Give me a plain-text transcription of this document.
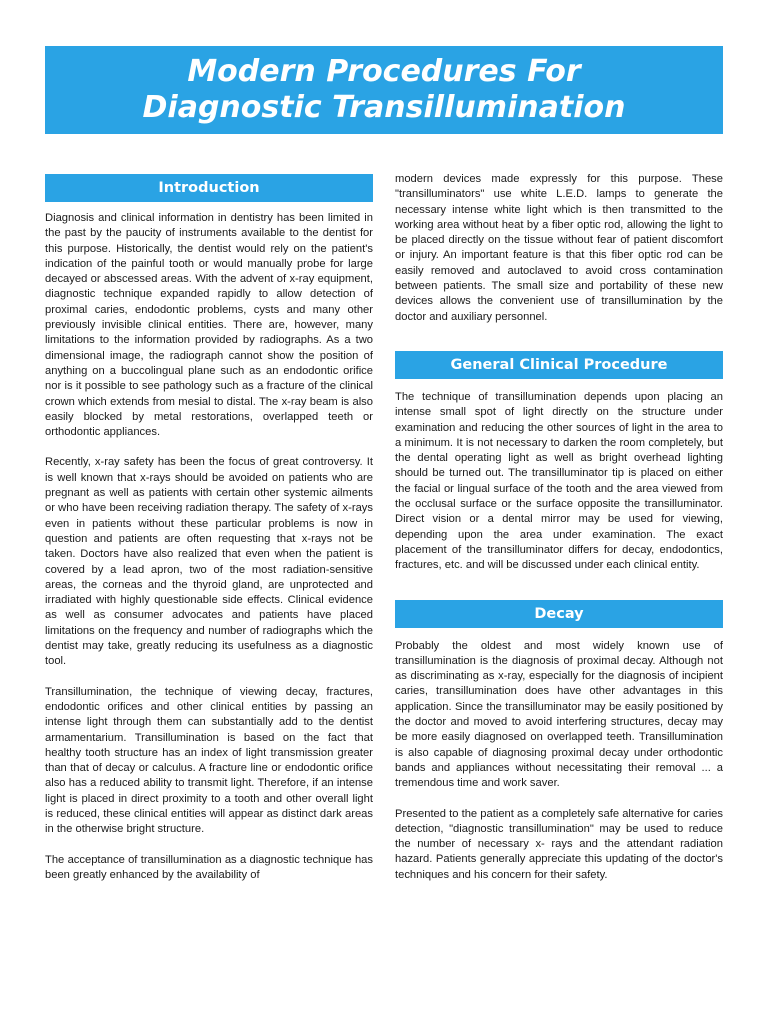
Modern Procedures For
Diagnostic Transillumination
Introduction

Diagnosis and clinical information in dentistry has been limited in the past by the paucity of instruments available to the dentist for this purpose. Historically, the dentist would rely on the patient's indication of the painful tooth or would manually probe for large decayed or abscessed areas. With the advent of x-ray equipment, diagnostic technique expanded rapidly to allow detection of proximal caries, endodontic problems, cysts and many other previously invisible clinical entities. There are, however, many limitations to the information provided by radiographs. As a two dimensional image, the radiograph cannot show the position of anything on a buccolingual plane such as an endodontic orifice nor is it possible to see pathology such as a fracture of the clinical crown which extends from mesial to distal. The x-ray beam is also easily blocked by metal restorations, overlapped teeth or orthodontic appliances.

Recently, x-ray safety has been the focus of great controversy. It is well known that x-rays should be avoided on patients who are pregnant as well as patients with certain other systemic ailments or who have been receiving radiation therapy. The safety of x-rays even in patients without these particular problems is now in question and patients are often requesting that x-rays not be taken. Doctors have also realized that even when the patient is covered by a lead apron, two of the most radiation-sensitive areas, the corneas and the thyroid gland, are unprotected and irradiated with highly questionable side effects. Clinical evidence as well as consumer advocates and patients have placed limitations on the frequency and number of radiographs which the dentist may take, greatly reducing its usefulness as a diagnostic tool.

Transillumination, the technique of viewing decay, fractures, endodontic orifices and other clinical entities by passing an intense light through them can substantially add to the dentist armamentarium. Transillumination is based on the fact that healthy tooth structure has an index of light transmission greater than that of decay or calculus. A fracture line or endodontic orifice also has a reduced ability to transmit light. Therefore, if an intense light is placed in direct proximity to a tooth and other overall light is reduced, these clinical entities will appear as distinct dark areas in the otherwise bright structure.

The acceptance of transillumination as a diagnostic technique has been greatly enhanced by the availability of

modern devices made expressly for this purpose. These "transilluminators" use white L.E.D. lamps to generate the necessary intense white light which is then transmitted to the working area without heat by a fiber optic rod, allowing the light to be placed directly on the tissue without fear of patient discomfort or injury. An important feature is that this fiber optic rod can be easily removed and autoclaved to avoid cross contamination between patients. The small size and portability of these new devices allows the convenient use of transillumination by the doctor and auxiliary personnel.

General Clinical Procedure

The technique of transillumination depends upon placing an intense small spot of light directly on the structure under examination and reducing the other sources of light in the area to a minimum. It is not necessary to darken the room completely, but the dental operating light as well as bright overhead lighting should be turned out. The transilluminator tip is placed on either the facial or lingual surface of the tooth and the area viewed from the occlusal surface or the surface opposite the transilluminator. Direct vision or a dental mirror may be used for viewing, depending upon the area under examination. The exact placement of the transilluminator differs for decay, endodontics, fractures, etc. and will be discussed under each clinical entity.

Decay

Probably the oldest and most widely known use of transillumination is the diagnosis of proximal decay. Although not as discriminating as x-ray, especially for the diagnosis of incipient caries, transillumination does have other advantages in this application. Since the transilluminator may be easily positioned by the doctor and moved to avoid interfering structures, decay may be more easily diagnosed on overlapped teeth. Transillumination is also capable of diagnosing proximal decay under orthodontic bands and appliances without necessitating their removal ... a tremendous time and work saver.

Presented to the patient as a completely safe alternative for caries detection, "diagnostic transillumination" may be used to reduce the number of necessary x- rays and the attendant radiation hazard. Patients generally appreciate this updating of the doctor's techniques and his concern for their safety.
